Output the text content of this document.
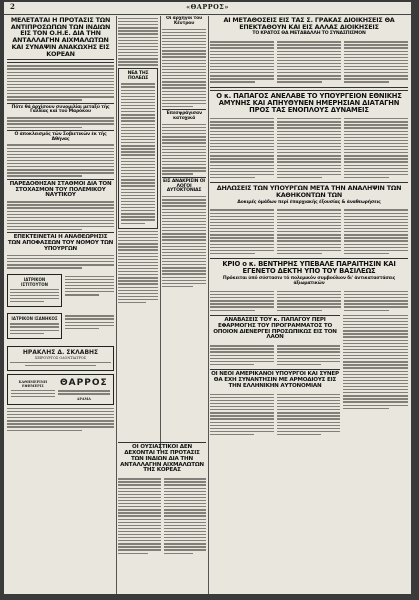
2	«ΘΑΡΡΟΣ»
ΜΕΛΕΤΑΤΑΙ Η ΠΡΟΤΑΣΙΣ ΤΩΝ ΑΝΤΙΠΡΟΣΩΠΩΝ ΤΩΝ ΙΝΔΙΩΝ ΕΙΣ ΤΟΝ Ο.Η.Ε. ΔΙΑ ΤΗΝ ΑΝΤΑΛΛΑΓΗΝ ΑΙΧΜΑΛΩΤΩΝ ΚΑΙ ΣΥΝΑΨΙΝ ΑΝΑΚΩΧΗΣ ΕΙΣ ΚΟΡΕΑΝ
Πότε θά ἀρχίσουν συνομιλίαι μεταξύ τῆς Γαλλίας καί τοῦ Μαρόκου
Ο ἀποκλεισμός τῶν Σοβιετικῶν ἐκ τῆς Ἀθήνας
ΠΑΡΕΔΟΘΗΣΑΝ ΣΤΑΘΜΟΙ ΔΙΑ ΤΟΝ ΣΤΟΧΑΣΜΟΝ ΤΟΥ ΠΟΛΕΜΙΚΟΥ ΝΑΥΤΙΚΟΥ
ΕΠΕΚΤΕΙΝΕΤΑΙ Η ΑΝΑΘΕΩΡΗΣΙΣ ΤΩΝ ΑΠΟΦΑΣΕΩΝ ΤΟΥ ΝΟΜΟΥ ΤΩΝ ΥΠΟΥΡΓΩΝ
ΙΑΤΡΙΚΟΝ ΙΣΤΙΤΟΥΤΟΝ
ΙΑΤΡΙΚΟΝ ΙΣΑΝΗΚΟΣ
ΗΡΑΚΛΗΣ Δ. ΣΚΛΑΒΗΣ
ΧΕΙΡΟΥΡΓΟΣ ΟΔΟΝΤΙΑΤΡΟΣ
ΚΑΘΗΜΕΡΙΝΗ ΕΦΗΜΕΡΙΣ	ΘΑΡΡΟΣ
ΔΡΑΜΑ
ΝΕΑ ΤΗΣ ΠΟΛΕΩΣ
Οἱ ἀρχηγοί τοῦ Κέντρου
Ἐπεσφράγισαν κατοχικά
ΕΙΣ ΑΝΑΚΡΙΣΙΝ ΟΙ ΛΟΓΟΙ ΑΥΤΟΚΤΟΝΙΑΣ
ΟΙ ΟΥΣΙΑΣΤΙΚΟΙ ΔΕΝ ΔΕΧΟΝΤΑΙ ΤΗΣ ΠΡΟΤΑΣΙΣ ΤΩΝ ΙΝΔΙΩΝ ΔΙΑ ΤΗΝ ΑΝΤΑΛΛΑΓΗΝ ΑΙΧΜΑΛΩΤΩΝ ΤΗΣ ΚΟΡΕΑΣ
ΑΙ ΜΕΤΑΘΟΣΕΙΣ ΕΙΣ ΤΑΣ Σ. ΓΡΑΚΑΣ ΔΙΟΙΚΗΣΕΙΣ ΘΑ ΕΠΕΚΤΑΘΟΥΝ ΚΑΙ ΕΙΣ ΑΛΛΑΣ ΔΙΟΙΚΗΣΕΙΣ
ΤΟ ΚΡΑΤΟΣ ΘΑ ΜΕΤΑΒΑΛΛΗ ΤΟ ΣΥΝΑΣΠΙΣΜΟΝ
Ο κ. ΠΑΠΑΓΟΣ ΑΝΕΛΑΒΕ ΤΟ ΥΠΟΥΡΓΕΙΟΝ ΕΘΝΙΚΗΣ ΑΜΥΝΗΣ ΚΑΙ ΑΠΗΥΘΥΝΕΝ ΗΜΕΡΗΣΙΑΝ ΔΙΑΤΑΓΗΝ ΠΡΟΣ ΤΑΣ ΕΝΟΠΛΟΥΣ ΔΥΝΑΜΕΙΣ
ΔΗΛΩΣΕΙΣ ΤΩΝ ΥΠΟΥΡΓΩΝ ΜΕΤΑ ΤΗΝ ΑΝΑΛΗΨΙΝ ΤΩΝ ΚΑΘΗΚΟΝΤΩΝ ΤΩΝ
Δοκιμές ὁμάδων περί ἐπαρχιακῆς ἐξουσίας & ἀναθεωρήσεις
ΚΡΙΟ ο κ. ΒΕΝΤΗΡΗΣ ΥΠΕΒΑΛΕ ΠΑΡΑΙΤΗΣΙΝ ΚΑΙ ΕΓΕΝΕΤΟ ΔΕΚΤΗ ΥΠΟ ΤΟΥ ΒΑΣΙΛΕΩΣ
Πρόκειται ὑπό σύστασιν τό πολεμικόν συμβούλιον δι' ἀντικαταστάσεις ἀξιωματικῶν
ΑΝΑΒΑΣΕΙΣ ΤΟΥ κ. ΠΑΠΑΓΟΥ ΠΕΡΙ ΕΦΑΡΜΟΓΗΣ ΤΟΥ ΠΡΟΓΡΑΜΜΑΤΟΣ ΤΟ ΟΠΟΙΟΝ ΔΙΕΝΕΡΓΕΙ ΠΡΟΣΩΠΙΚΩΣ ΕΙΣ ΤΟΝ ΛΑΟΝ
ΟΙ ΝΕΟΙ ΑΜΕΡΙΚΑΝΟΙ ΥΠΟΥΡΓΟΙ ΚΑΙ ΣΥΝΕΡ ΘΑ ΕΧΗ ΣΥΝΑΝΤΗΣΙΝ ΜΕ ΑΡΜΟΔΙΟΥΣ ΕΙΣ ΤΗΝ ΕΛΛΗΝΙΚΗΝ ΑΥΤΟΝΟΜΙΑΝ
